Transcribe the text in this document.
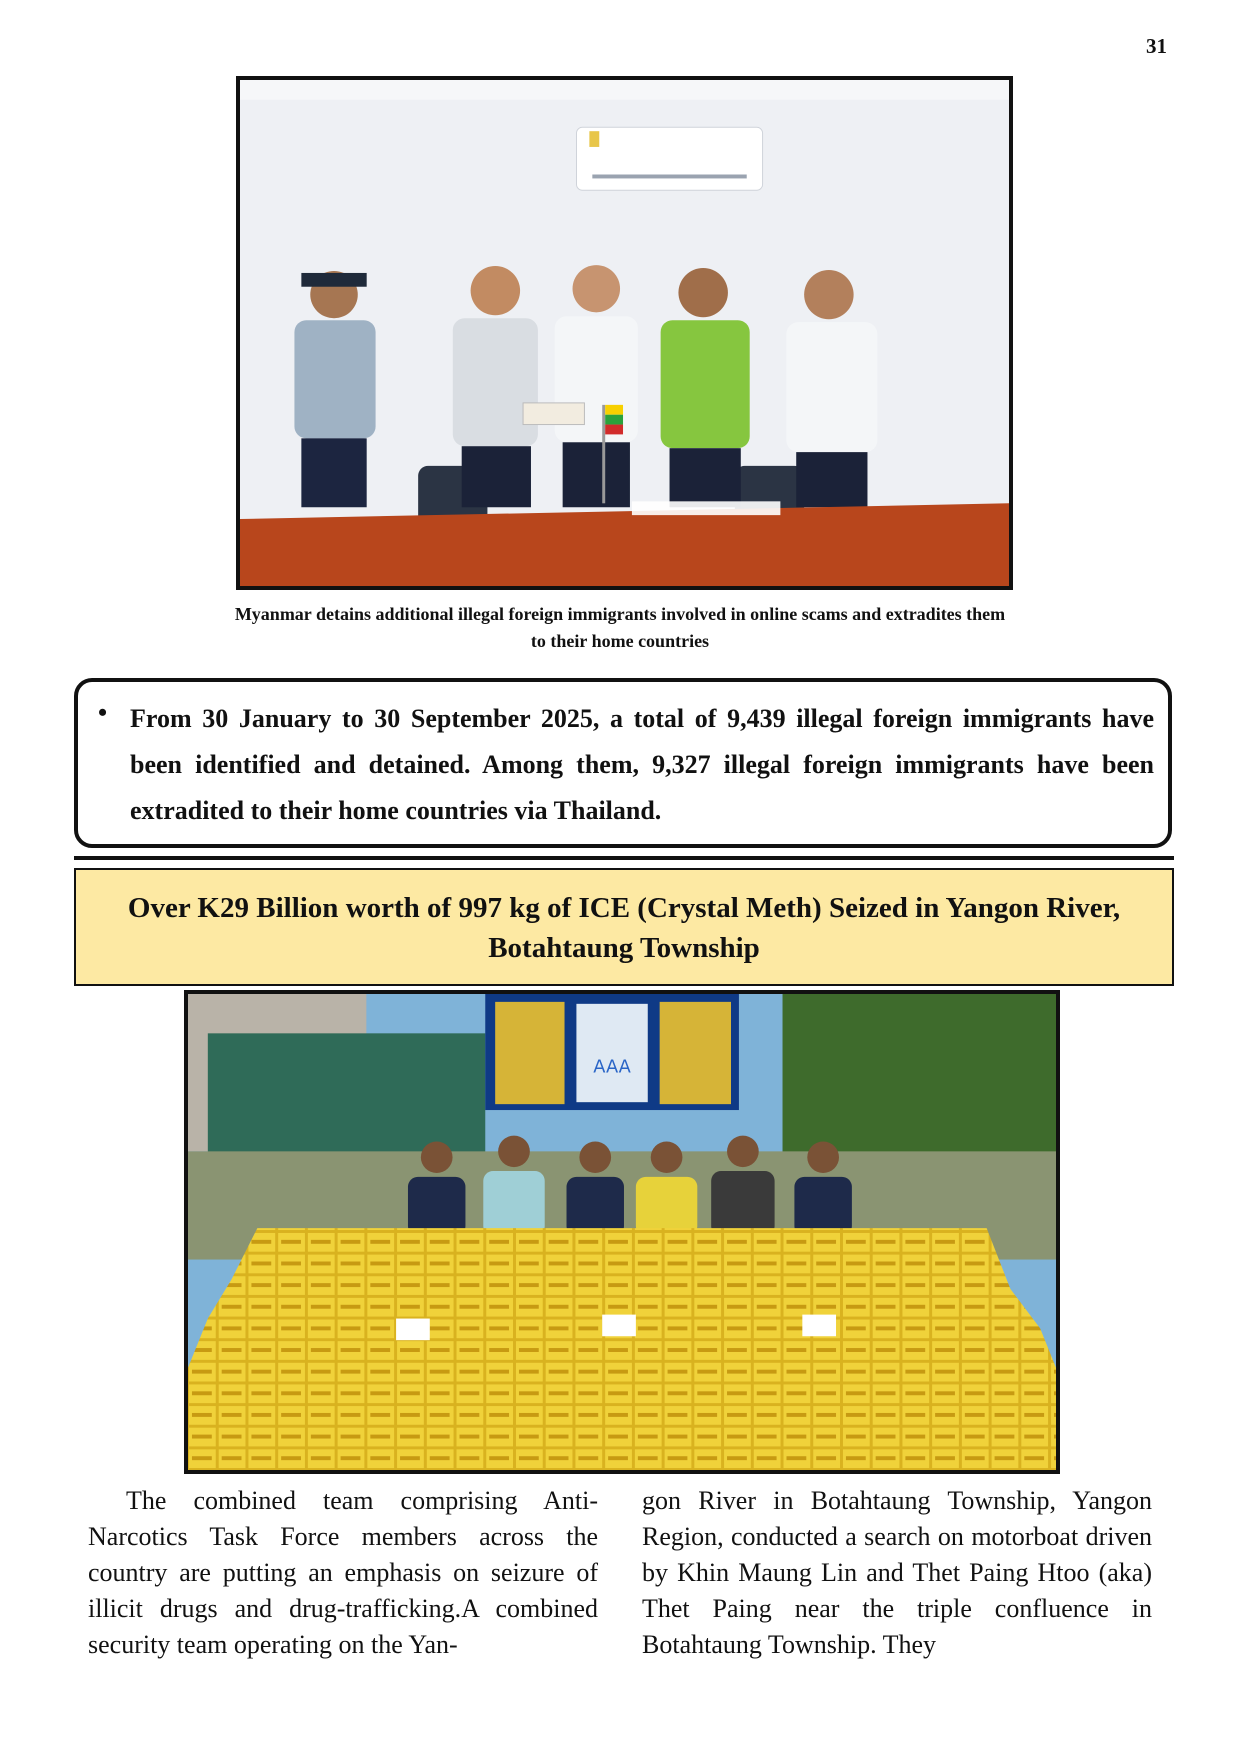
31
Myanmar detains additional illegal foreign immigrants involved in online scams and extradites them
to their home countries
• From 30 January to 30 September 2025, a total of 9,439 illegal foreign immigrants have been identified and detained. Among them, 9,327 illegal foreign immigrants have been extradited to their home countries via Thailand.

Over K29 Billion worth of 997 kg of ICE (Crystal Meth) Seized in Yangon River,
Botahtaung Township
AAA

The combined team comprising Anti-Narcotics Task Force members across the country are putting an emphasis on seizure of illicit drugs and drug-trafficking.A combined security team operating on the Yan-

gon River in Botahtaung Township, Yangon Region, conducted a search on motorboat driven by Khin Maung Lin and Thet Paing Htoo (aka) Thet Paing near the triple confluence in Botahtaung Township. They
